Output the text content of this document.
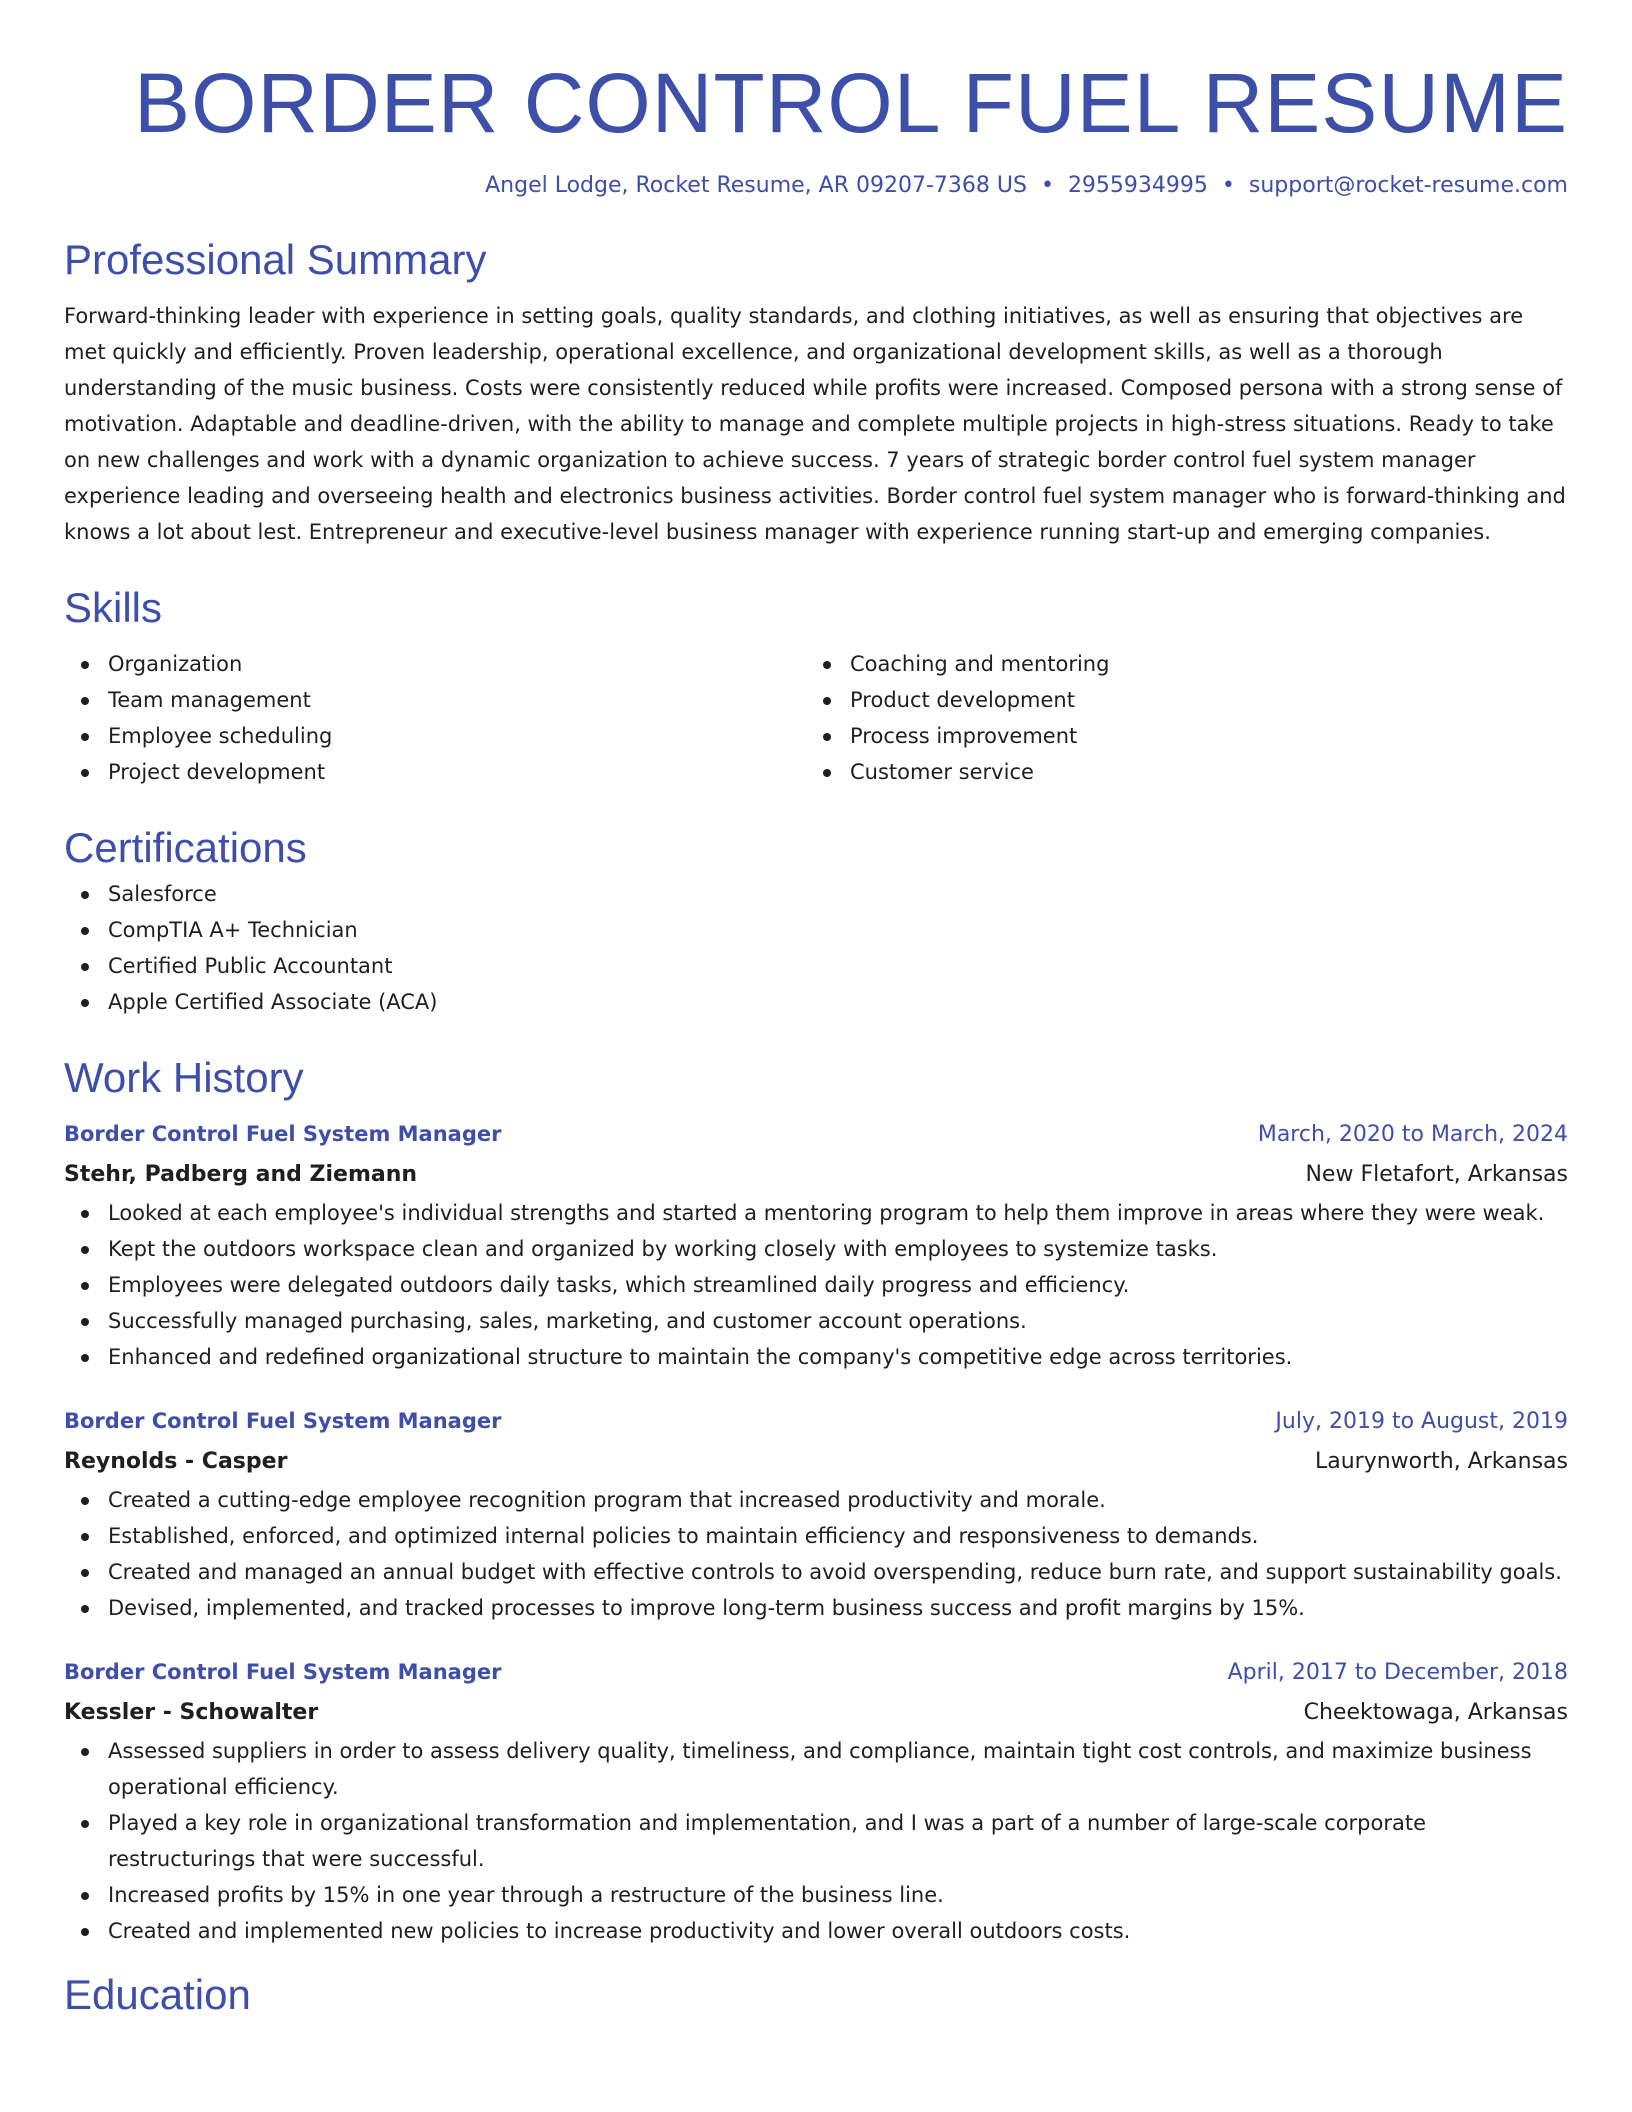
BORDER CONTROL FUEL RESUME
Angel Lodge, Rocket Resume, AR 09207-7368 US • 2955934995 • support@rocket-resume.com
Professional Summary

Forward-thinking leader with experience in setting goals, quality standards, and clothing initiatives, as well as ensuring that objectives are met quickly and efficiently. Proven leadership, operational excellence, and organizational development skills, as well as a thorough understanding of the music business. Costs were consistently reduced while profits were increased. Composed persona with a strong sense of motivation. Adaptable and deadline-driven, with the ability to manage and complete multiple projects in high-stress situations. Ready to take on new challenges and work with a dynamic organization to achieve success. 7 years of strategic border control fuel system manager experience leading and overseeing health and electronics business activities. Border control fuel system manager who is forward-thinking and knows a lot about lest. Entrepreneur and executive-level business manager with experience running start-up and emerging companies.

Skills
Organization
Team management
Employee scheduling
Project development
Coaching and mentoring
Product development
Process improvement
Customer service
Certifications
Salesforce
CompTIA A+ Technician
Certified Public Accountant
Apple Certified Associate (ACA)
Work History
Border Control Fuel System Manager	March, 2020 to March, 2024
Stehr, Padberg and Ziemann	New Fletafort, Arkansas
Looked at each employee's individual strengths and started a mentoring program to help them improve in areas where they were weak.
Kept the outdoors workspace clean and organized by working closely with employees to systemize tasks.
Employees were delegated outdoors daily tasks, which streamlined daily progress and efficiency.
Successfully managed purchasing, sales, marketing, and customer account operations.
Enhanced and redefined organizational structure to maintain the company's competitive edge across territories.
Border Control Fuel System Manager	July, 2019 to August, 2019
Reynolds - Casper	Laurynworth, Arkansas
Created a cutting-edge employee recognition program that increased productivity and morale.
Established, enforced, and optimized internal policies to maintain efficiency and responsiveness to demands.
Created and managed an annual budget with effective controls to avoid overspending, reduce burn rate, and support sustainability goals.
Devised, implemented, and tracked processes to improve long-term business success and profit margins by 15%.
Border Control Fuel System Manager	April, 2017 to December, 2018
Kessler - Schowalter	Cheektowaga, Arkansas
Assessed suppliers in order to assess delivery quality, timeliness, and compliance, maintain tight cost controls, and maximize business operational efficiency.
Played a key role in organizational transformation and implementation, and I was a part of a number of large-scale corporate restructurings that were successful.
Increased profits by 15% in one year through a restructure of the business line.
Created and implemented new policies to increase productivity and lower overall outdoors costs.
Education
